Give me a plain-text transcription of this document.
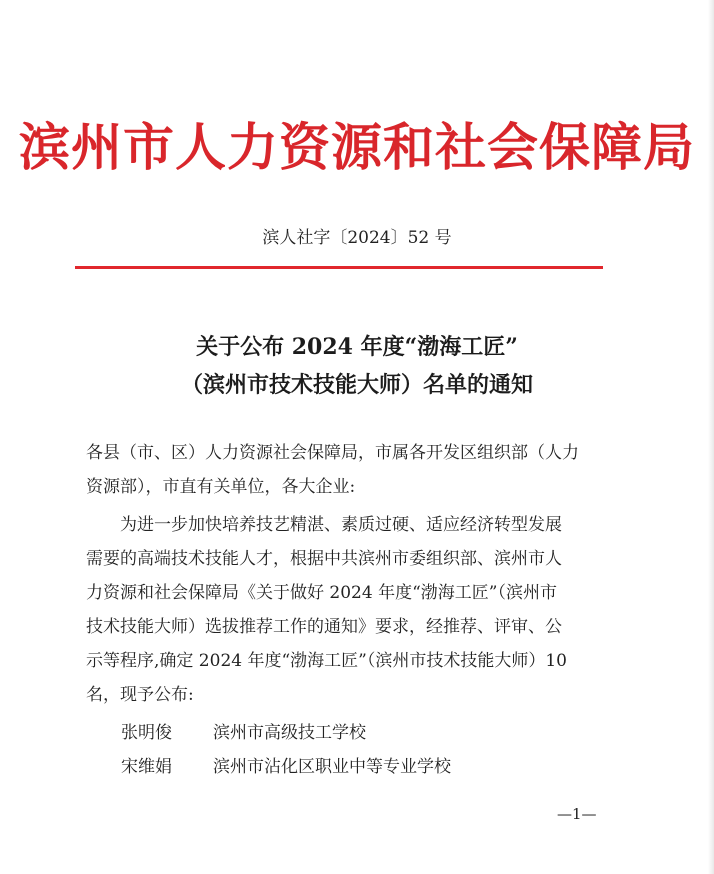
滨州市人力资源和社会保障局
滨人社字〔2024〕52 号
关于公布 2024 年度“渤海工匠”
（滨州市技术技能大师）名单的通知
各县（市、区）人力资源社会保障局，市属各开发区组织部（人力
资源部），市直有关单位，各大企业:
为进一步加快培养技艺精湛、素质过硬、适应经济转型发展
需要的高端技术技能人才，根据中共滨州市委组织部、滨州市人
力资源和社会保障局《关于做好 2024 年度“渤海工匠”（滨州市
技术技能大师）选拔推荐工作的通知》要求，经推荐、评审、公
示等程序,确定 2024 年度“渤海工匠”（滨州市技术技能大师）10
名，现予公布:
张明俊	滨州市高级技工学校
宋维娟	滨州市沾化区职业中等专业学校
—1—
